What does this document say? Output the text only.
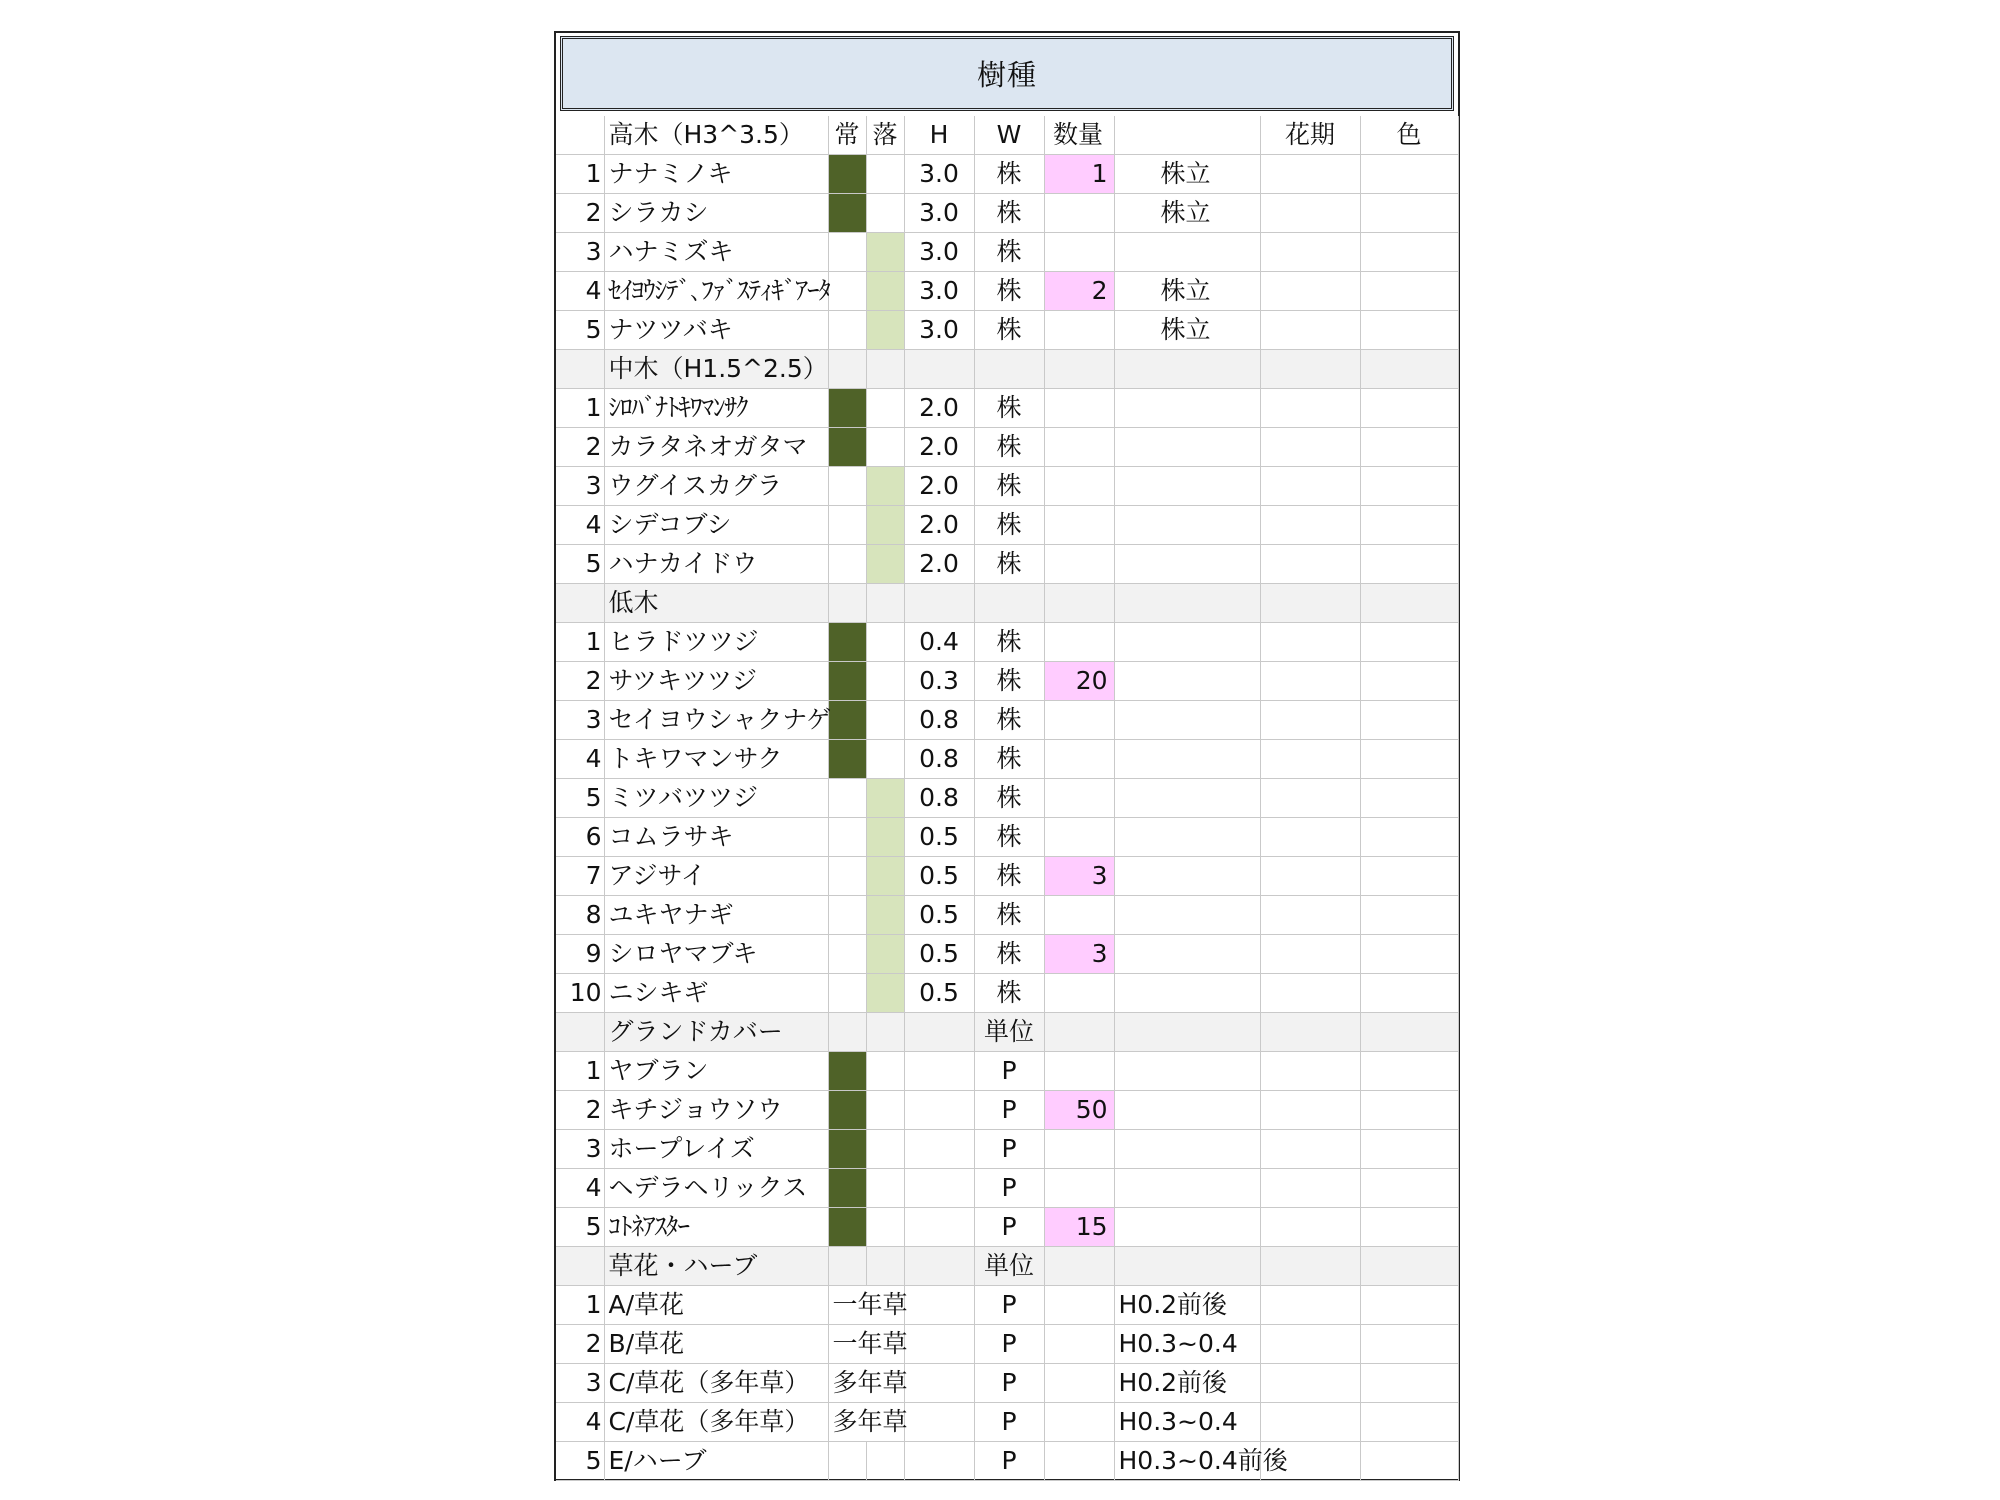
樹種
	高木（H3^3.5）	常	落	H	W	数量		花期	色
1	ナナミノキ			3.0	株	1	株立		
2	シラカシ			3.0	株		株立		
3	ハナミズキ			3.0	株				
4	ｾｲﾖｳｼﾃﾞ､ﾌｧﾞｽﾃｨｷﾞｱｰﾀ			3.0	株	2	株立		
5	ナツツバキ			3.0	株		株立		
	中木（H1.5^2.5）								
1	ｼﾛﾊﾞﾅﾄｷﾜﾏﾝｻｸ			2.0	株				
2	カラタネオガタマ			2.0	株				
3	ウグイスカグラ			2.0	株				
4	シデコブシ			2.0	株				
5	ハナカイドウ			2.0	株				
	低木								
1	ヒラドツツジ			0.4	株				
2	サツキツツジ			0.3	株	20			
3	セイヨウシャクナゲ			0.8	株				
4	トキワマンサク			0.8	株				
5	ミツバツツジ			0.8	株				
6	コムラサキ			0.5	株				
7	アジサイ			0.5	株	3			
8	ユキヤナギ			0.5	株				
9	シロヤマブキ			0.5	株	3			
10	ニシキギ			0.5	株				
	グランドカバー				単位				
1	ヤブラン				P				
2	キチジョウソウ				P	50			
3	ホープレイズ				P				
4	ヘデラヘリックス				P				
5	ｺﾄﾈｱｽﾀｰ				P	15			
	草花・ハーブ				単位				
1	A/草花	一年草			P		H0.2前後		
2	B/草花	一年草			P		H0.3~0.4		
3	C/草花（多年草）	多年草			P		H0.2前後		
4	C/草花（多年草）	多年草			P		H0.3~0.4		
5	E/ハーブ				P		H0.3~0.4前後		
